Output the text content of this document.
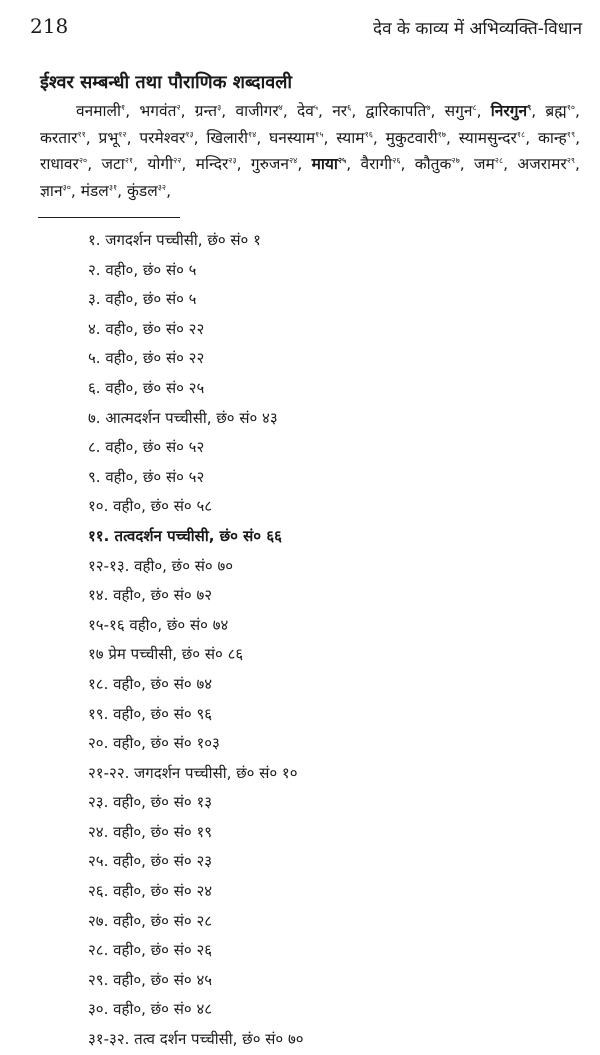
218	देव के काव्य में अभिव्यक्ति-विधान
ईश्वर सम्बन्धी तथा पौराणिक शब्दावली
वनमाली$^१$, भगवंत$^२$, ग्रन्त$^३$, वाजीगर$^४$, देव$^५$, नर$^६$, द्वारिकापति$^७$, सगुन$^८$, निरगुन$^९$, ब्रह्म$^{१०}$, करतार$^{११}$, प्रभू$^{१२}$, परमेश्वर$^{१३}$, खिलारी$^{१४}$, घनस्याम$^{१५}$, स्याम$^{१६}$, मुकुटवारी$^{१७}$, स्यामसुन्दर$^{१८}$, कान्ह$^{१९}$, राधावर$^{२०}$, जटा$^{२१}$, योगी$^{२२}$, मन्दिर$^{२३}$, गुरुजन$^{२४}$, माया$^{२५}$, वैरागी$^{२६}$, कौतुक$^{२७}$, जम$^{२८}$, अजरामर$^{२९}$, ज्ञान$^{३०}$, मंडल$^{३१}$, कुंडल$^{३२}$,
१. जगदर्शन पच्चीसी, छं० सं० १
२. वही०, छं० सं० ५
३. वही०, छं० सं० ५
४. वही०, छं० सं० २२
५. वही०, छं० सं० २२
६. वही०, छं० सं० २५
७. आत्मदर्शन पच्चीसी, छं० सं० ४३
८. वही०, छं० सं० ५२
९. वही०, छं० सं० ५२
१०. वही०, छं० सं० ५८
११. तत्वदर्शन पच्चीसी, छं० सं० ६६
१२-१३. वही०, छं० सं० ७०
१४. वही०, छं० सं० ७२
१५-१६ वही०, छं० सं० ७४
१७ प्रेम पच्चीसी, छं० सं० ८६
१८. वही०, छं० सं० ७४
१९. वही०, छं० सं० ९६
२०. वही०, छं० सं० १०३
२१-२२. जगदर्शन पच्चीसी, छं० सं० १०
२३. वही०, छं० सं० १३
२४. वही०, छं० सं० १९
२५. वही०, छं० सं० २३
२६. वही०, छं० सं० २४
२७. वही०, छं० सं० २८
२८. वही०, छं० सं० २६
२९. वही०, छं० सं० ४५
३०. वही०, छं० सं० ४८
३१-३२. तत्व दर्शन पच्चीसी, छं० सं० ७०
